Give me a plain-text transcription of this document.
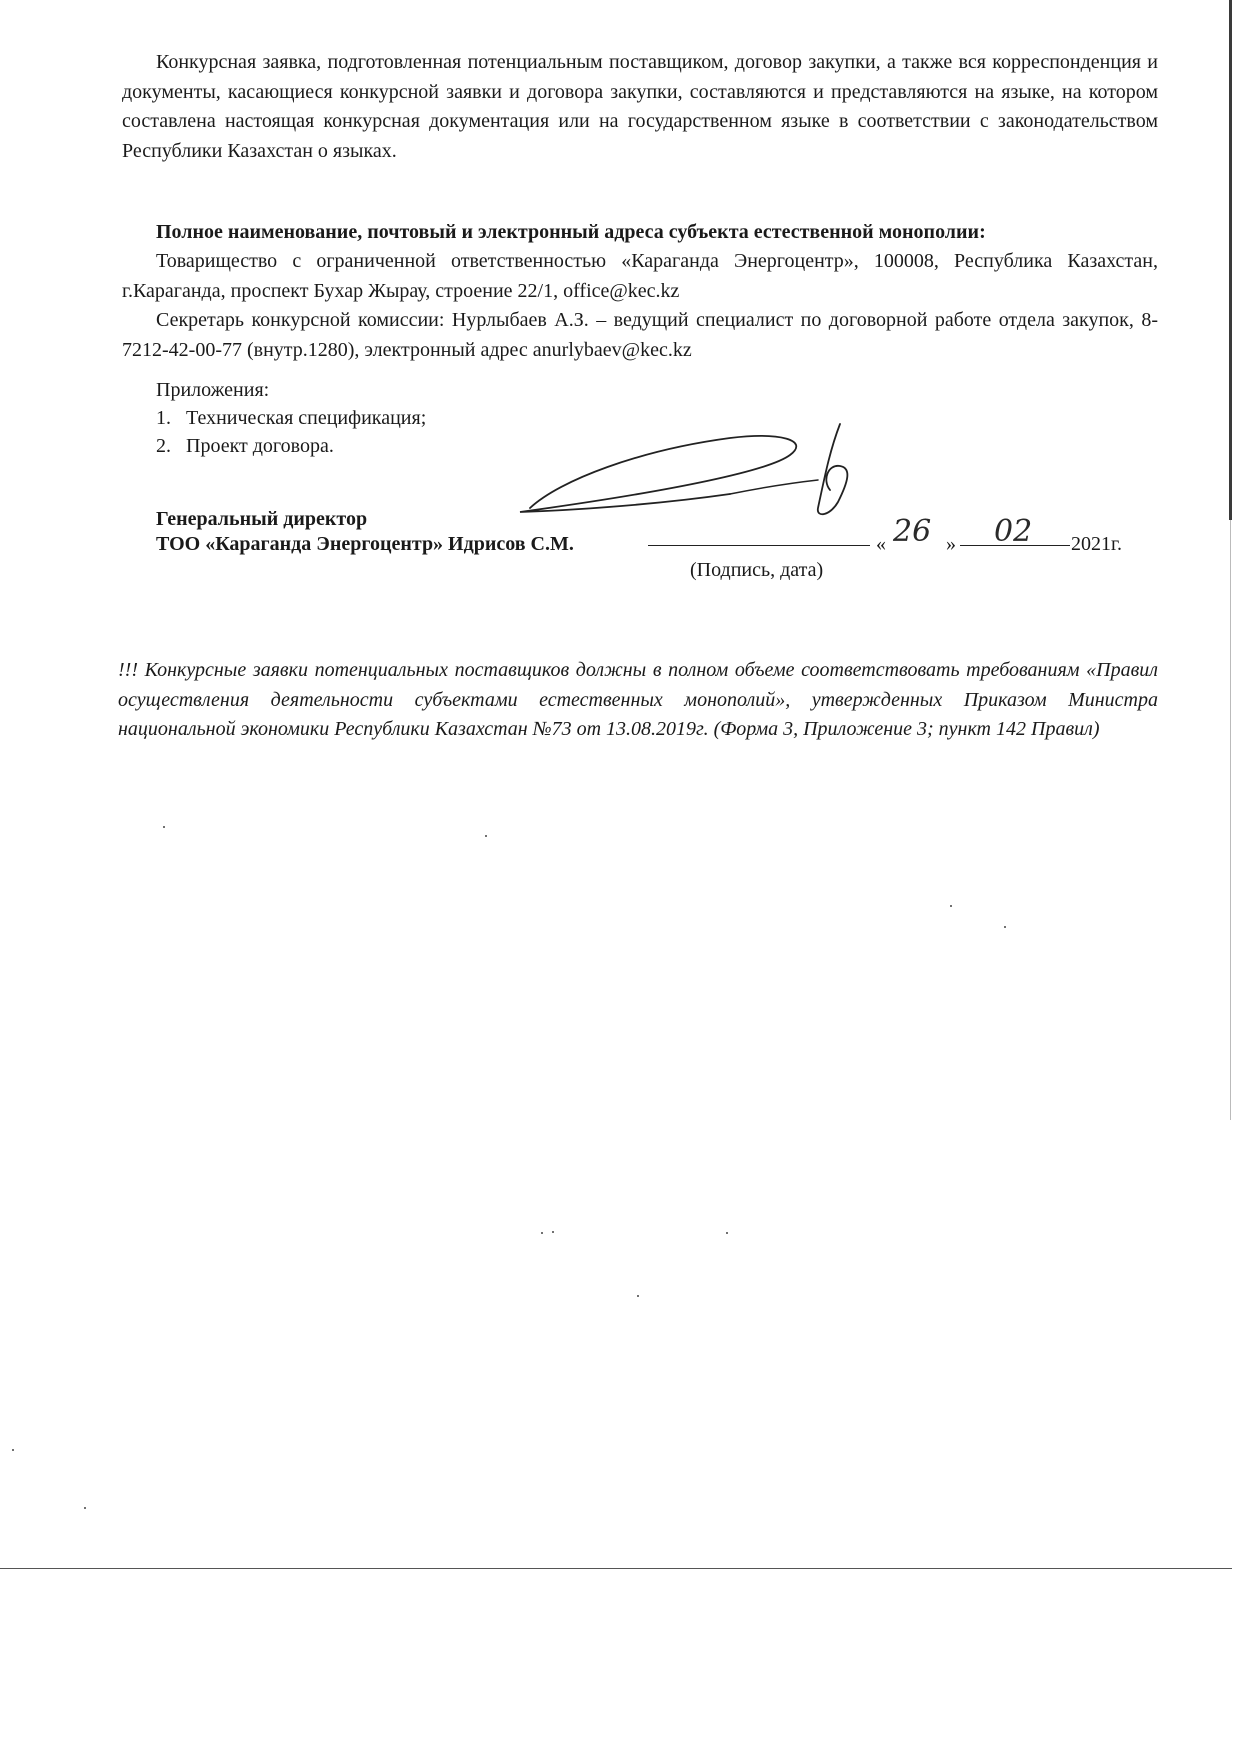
Конкурсная заявка, подготовленная потенциальным поставщиком, договор закупки, а также вся корреспонденция и документы, касающиеся конкурсной заявки и договора закупки, составляются и представляются на языке, на котором составлена настоящая конкурсная документация или на государственном языке в соответствии с законодательством Республики Казахстан о языках.

Полное наименование, почтовый и электронный адреса субъекта естественной монополии:

Товарищество с ограниченной ответственностью «Караганда Энергоцентр», 100008, Республика Казахстан, г.Караганда, проспект Бухар Жырау, строение 22/1, office@kec.kz

Секретарь конкурсной комиссии: Нурлыбаев А.З. – ведущий специалист по договорной работе отдела закупок, 8-7212-42-00-77 (внутр.1280), электронный адрес anurlybaev@kec.kz

Приложения:

1.   Техническая спецификация;

2.   Проект договора.

Генеральный директор

ТОО «Караганда Энергоцентр» Идрисов С.М.	« 26 » 02 2021г.

(Подпись, дата)

!!! Конкурсные заявки потенциальных поставщиков должны в полном объеме соответствовать требованиям «Правил осуществления деятельности субъектами естественных монополий», утвержденных Приказом Министра национальной экономики Республики Казахстан №73 от 13.08.2019г. (Форма 3, Приложение 3; пункт 142 Правил)
